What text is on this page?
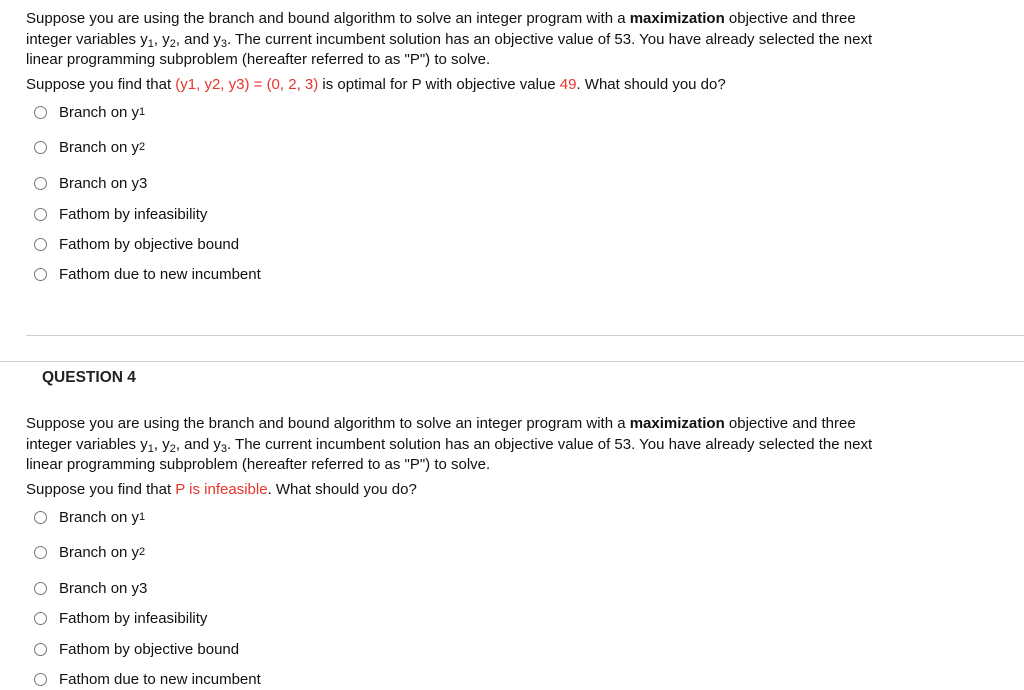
Suppose you are using the branch and bound algorithm to solve an integer program with a maximization objective and three
integer variables $y_1$, $y_2$, and $y_3$. The current incumbent solution has an objective value of 53. You have already selected the next
linear programming subproblem (hereafter referred to as "P") to solve.
Suppose you find that (y1, y2, y3) = (0, 2, 3) is optimal for P with objective value 49. What should you do?
Branch on y 1
Branch on y 2
Branch on y3
Fathom by infeasibility
Fathom by objective bound
Fathom due to new incumbent
QUESTION 4
Suppose you are using the branch and bound algorithm to solve an integer program with a maximization objective and three
integer variables $y_1$, $y_2$, and $y_3$. The current incumbent solution has an objective value of 53. You have already selected the next
linear programming subproblem (hereafter referred to as "P") to solve.
Suppose you find that P is infeasible. What should you do?
Branch on y 1
Branch on y 2
Branch on y3
Fathom by infeasibility
Fathom by objective bound
Fathom due to new incumbent
